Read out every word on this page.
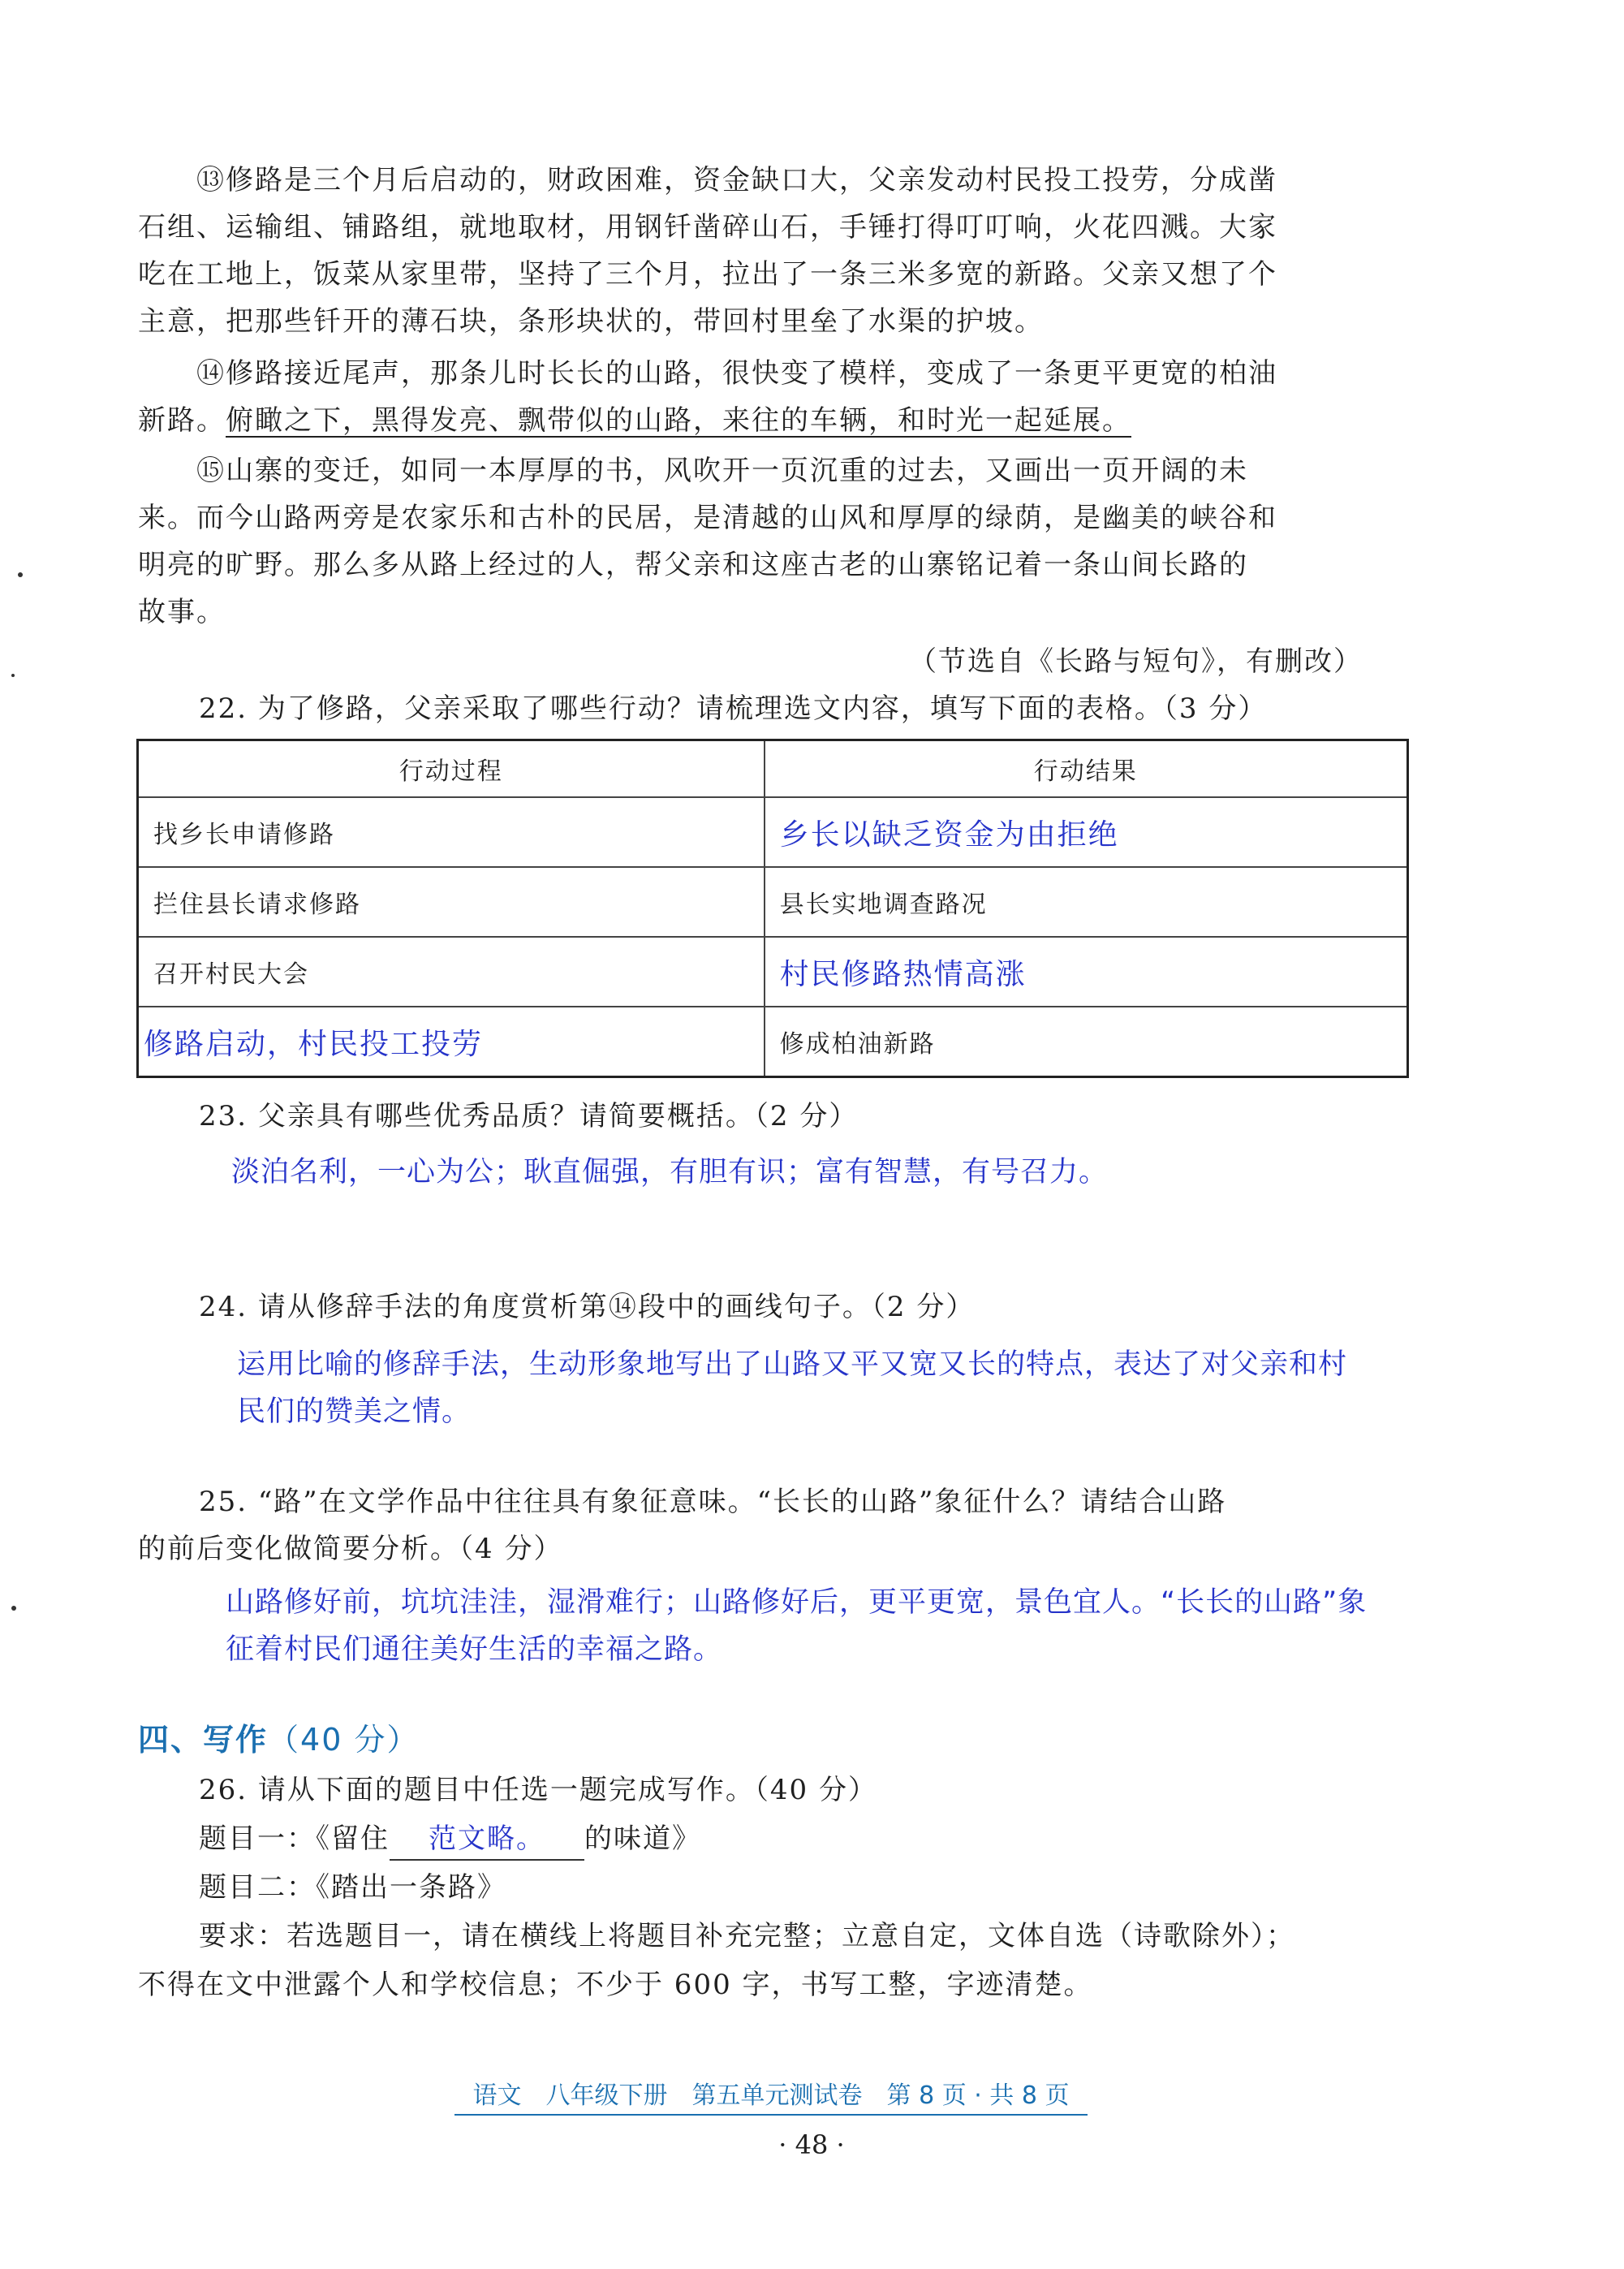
⑬修路是三个月后启动的，财政困难，资金缺口大，父亲发动村民投工投劳，分成凿
石组、运输组、铺路组，就地取材，用钢钎凿碎山石，手锤打得叮叮响，火花四溅。大家
吃在工地上，饭菜从家里带，坚持了三个月，拉出了一条三米多宽的新路。父亲又想了个
主意，把那些钎开的薄石块，条形块状的，带回村里垒了水渠的护坡。
⑭修路接近尾声，那条儿时长长的山路，很快变了模样，变成了一条更平更宽的柏油
新路。俯瞰之下，黑得发亮、飘带似的山路，来往的车辆，和时光一起延展。
⑮山寨的变迁，如同一本厚厚的书，风吹开一页沉重的过去，又画出一页开阔的未
来。而今山路两旁是农家乐和古朴的民居，是清越的山风和厚厚的绿荫，是幽美的峡谷和
明亮的旷野。那么多从路上经过的人，帮父亲和这座古老的山寨铭记着一条山间长路的
故事。
（节选自《长路与短句》，有删改）
22. 为了修路，父亲采取了哪些行动？请梳理选文内容，填写下面的表格。（3 分）
行动过程	行动结果
找乡长申请修路	乡长以缺乏资金为由拒绝
拦住县长请求修路	县长实地调查路况
召开村民大会	村民修路热情高涨
修路启动，村民投工投劳	修成柏油新路
23. 父亲具有哪些优秀品质？请简要概括。（2 分）
淡泊名利，一心为公；耿直倔强，有胆有识；富有智慧，有号召力。
24. 请从修辞手法的角度赏析第⑭段中的画线句子。（2 分）
运用比喻的修辞手法，生动形象地写出了山路又平又宽又长的特点，表达了对父亲和村
民们的赞美之情。
25. “路”在文学作品中往往具有象征意味。“长长的山路”象征什么？请结合山路
的前后变化做简要分析。（4 分）
山路修好前，坑坑洼洼，湿滑难行；山路修好后，更平更宽，景色宜人。“长长的山路”象
征着村民们通往美好生活的幸福之路。
四、写作（40 分）
26. 请从下面的题目中任选一题完成写作。（40 分）
题目一：《留住 范文略。 的味道》
题目二：《踏出一条路》
要求：若选题目一，请在横线上将题目补充完整；立意自定，文体自选（诗歌除外）；
不得在文中泄露个人和学校信息；不少于 600 字，书写工整，字迹清楚。
语文　八年级下册　第五单元测试卷　第 8 页 · 共 8 页
· 48 ·
